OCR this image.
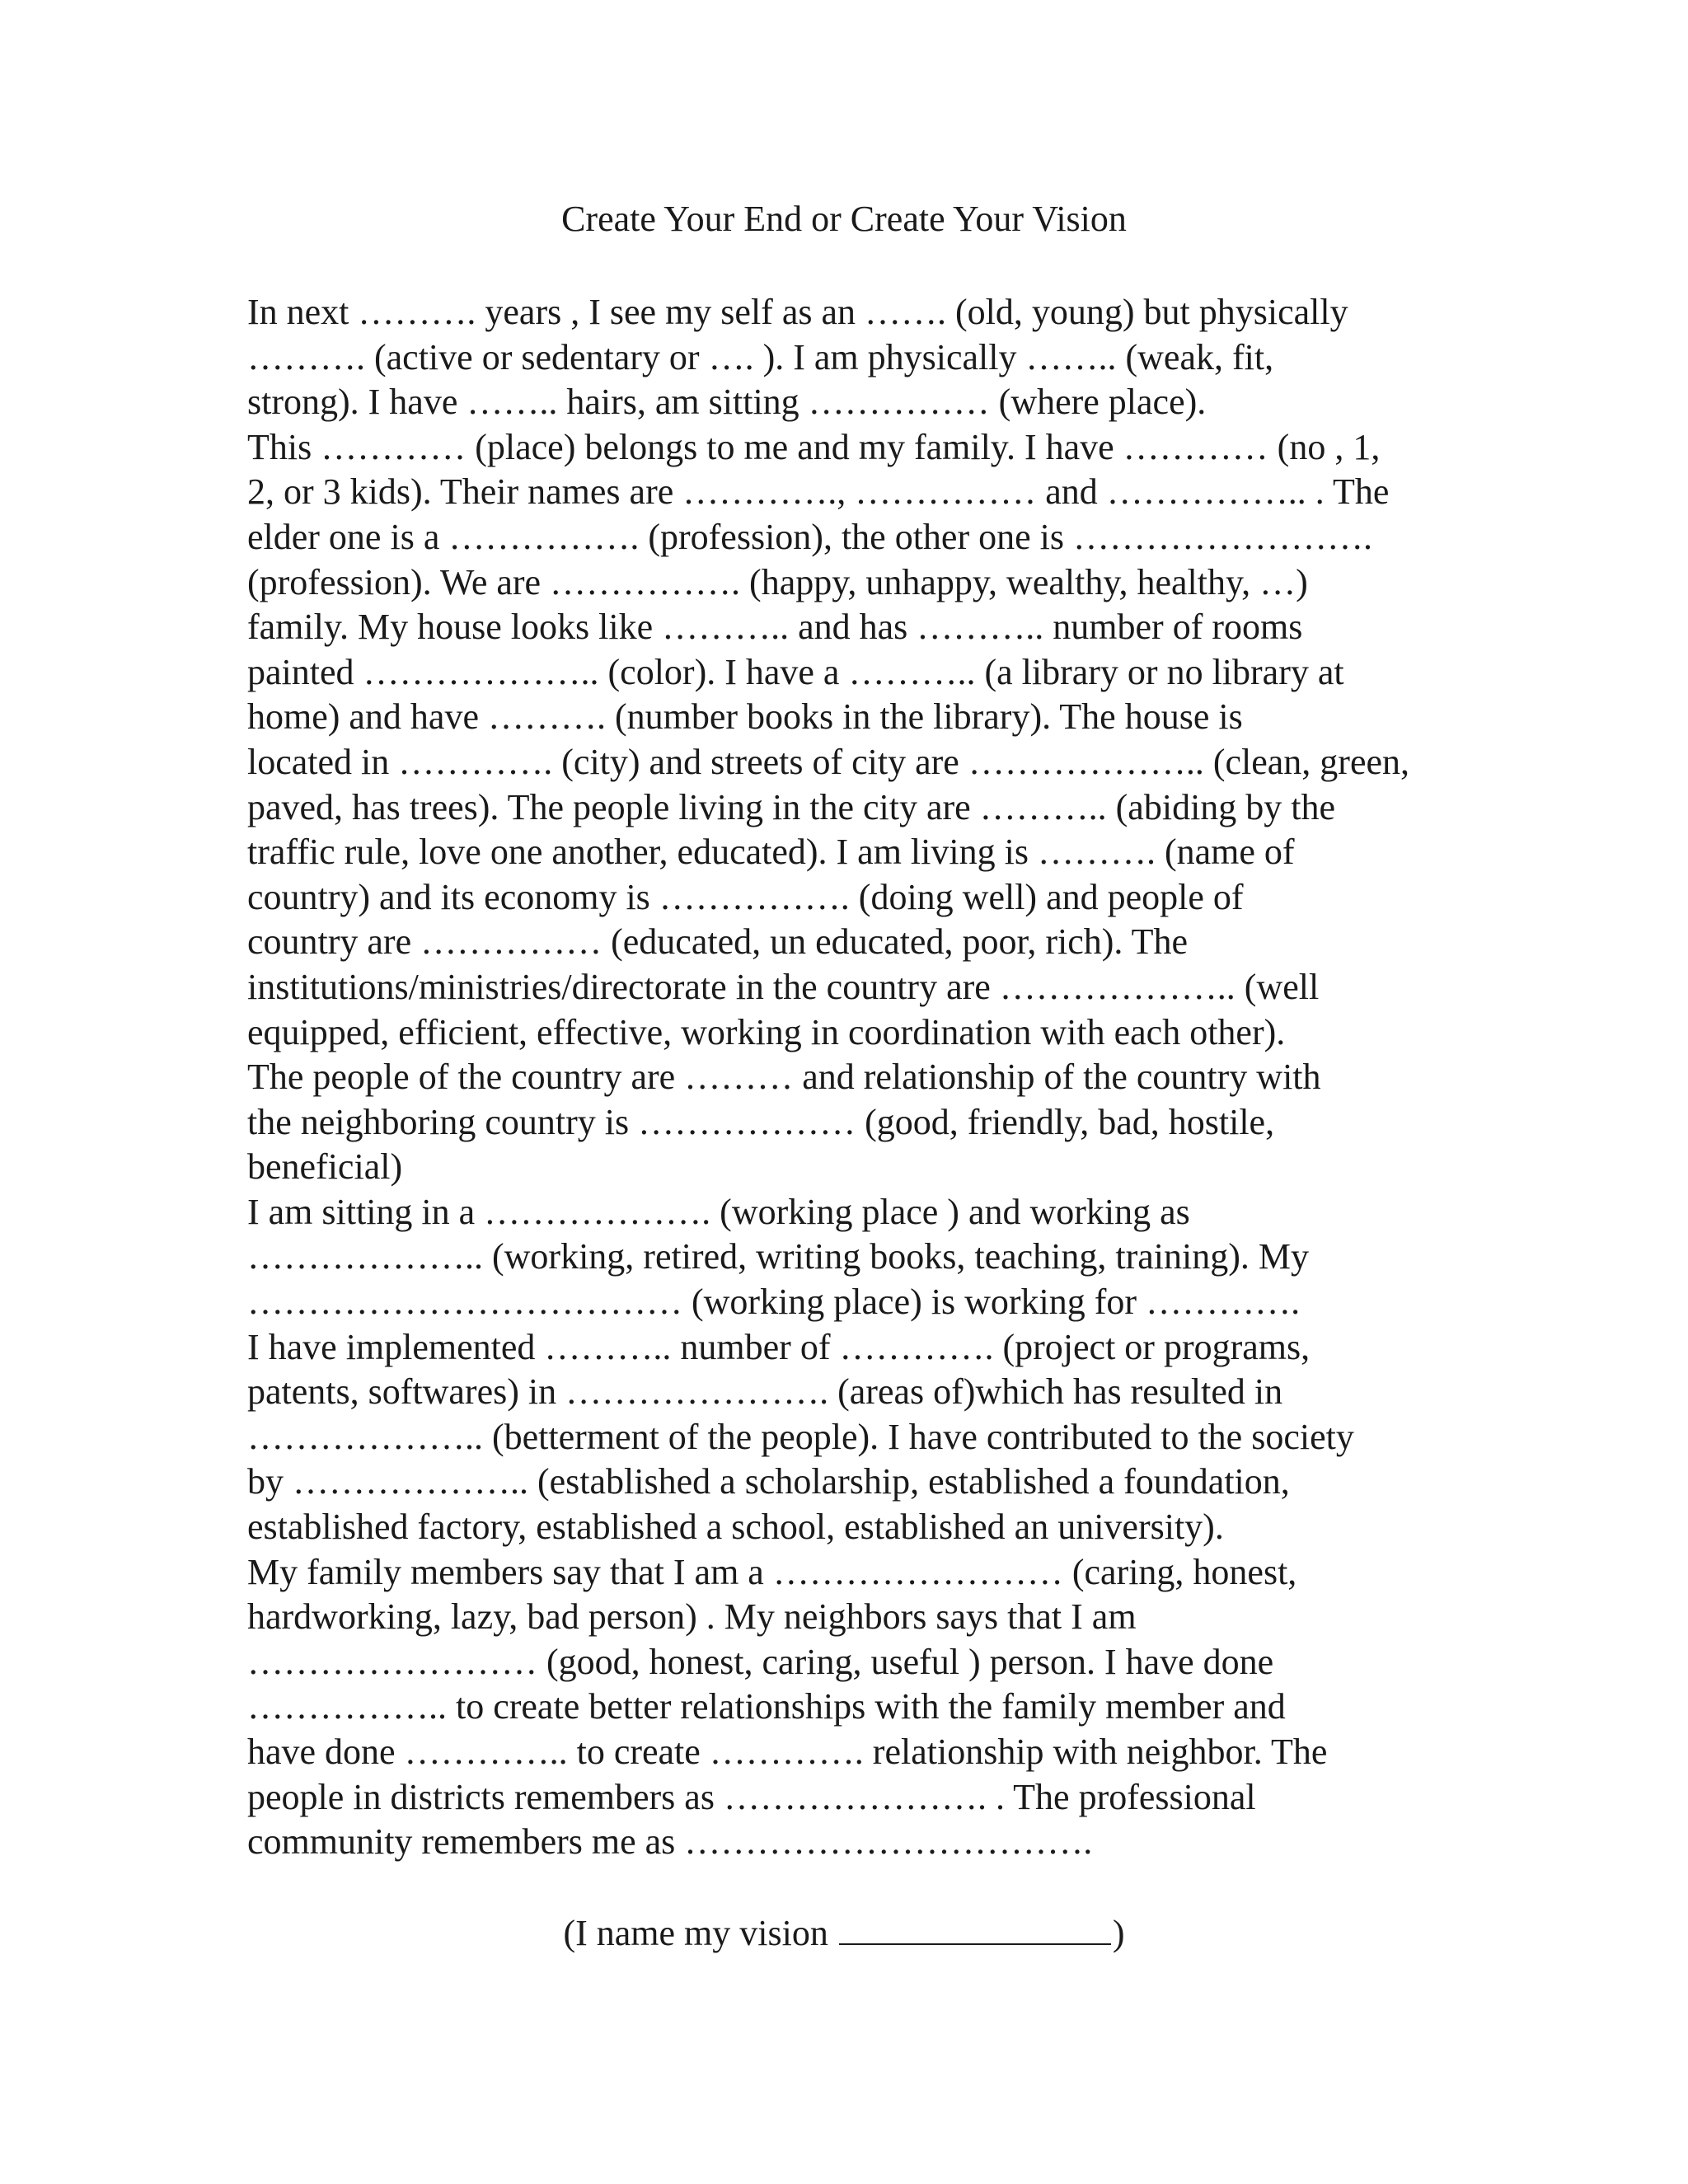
Create Your End or Create Your Vision
In next ………. years , I see my self as an ……. (old, young) but physically
………. (active or sedentary or …. ). I am physically …….. (weak, fit,
strong). I have …….. hairs, am sitting …………… (where place).
This ………… (place) belongs to me and my family. I have ………… (no , 1,
2, or 3 kids). Their names are …………., …………… and …………….. . The
elder one is a ……………. (profession), the other one is …………………….
(profession). We are ……………. (happy, unhappy, wealthy, healthy, …)
family. My house looks like ……….. and has ……….. number of rooms
painted ……………….. (color). I have a ……….. (a library or no library at
home) and have ………. (number books in the library). The house is
located in …………. (city) and streets of city are ……………….. (clean, green,
paved, has trees). The people living in the city are ……….. (abiding by the
traffic rule, love one another, educated). I am living is ………. (name of
country) and its economy is ……………. (doing well) and people of
country are …………… (educated, un educated, poor, rich). The
institutions/ministries/directorate in the country are ……………….. (well
equipped, efficient, effective, working in coordination with each other).
The people of the country are ……… and relationship of the country with
the neighboring country is ……………… (good, friendly, bad, hostile,
beneficial)
I am sitting in a ………………. (working place ) and working as
……………….. (working, retired, writing books, teaching, training). My
……………………………… (working place) is working for ………….
I have implemented ……….. number of …………. (project or programs,
patents, softwares) in …………………. (areas of)which has resulted in
……………….. (betterment of the people). I have contributed to the society
by ……………….. (established a scholarship, established a foundation,
established factory, established a school, established an university).
My family members say that I am a …………………… (caring, honest,
hardworking, lazy, bad person) . My neighbors says that I am
…………………… (good, honest, caring, useful ) person. I have done
…………….. to create better relationships with the family member and
have done ………….. to create …………. relationship with neighbor. The
people in districts remembers as …………………. . The professional
community remembers me as …………………………….
(I name my vision	)
